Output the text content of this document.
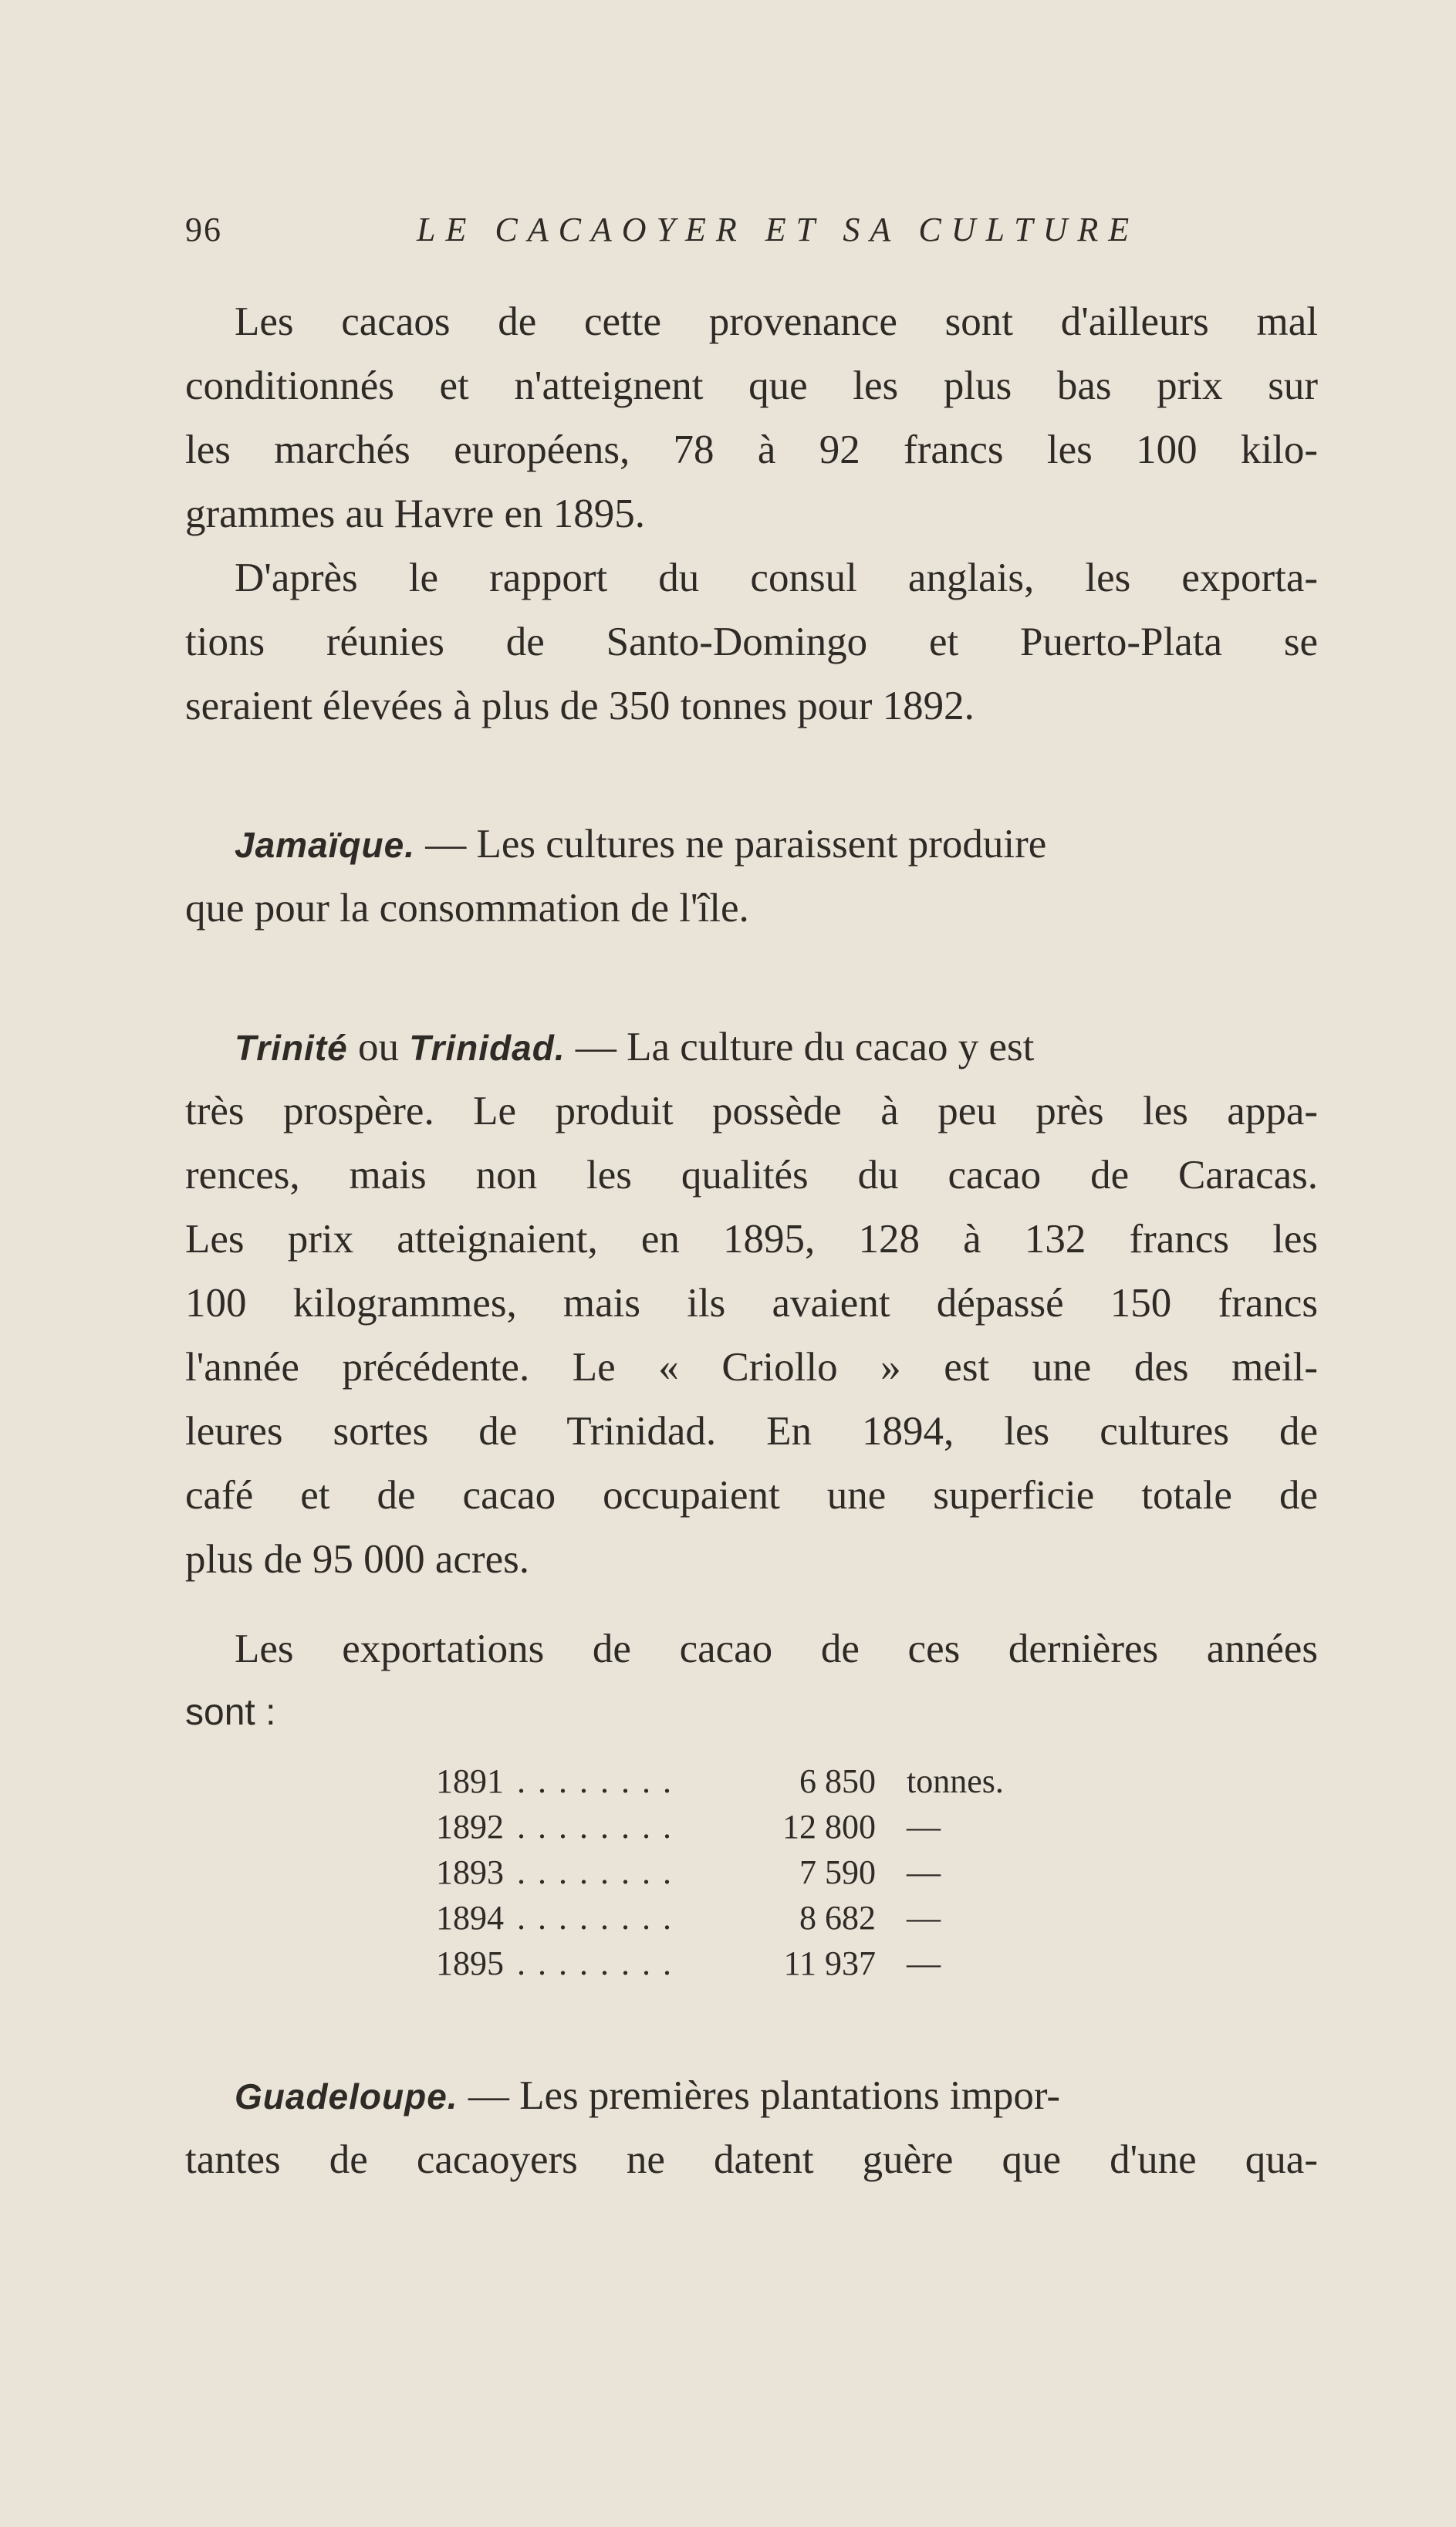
96	LE CACAOYER ET SA CULTURE
Les cacaos de cette provenance sont d'ailleurs mal
conditionnés et n'atteignent que les plus bas prix sur
les marchés européens, 78 à 92 francs les 100 kilo-
grammes au Havre en 1895.
D'après le rapport du consul anglais, les exporta-
tions réunies de Santo-Domingo et Puerto-Plata se
seraient élevées à plus de 350 tonnes pour 1892.
Jamaïque. — Les cultures ne paraissent produire
que pour la consommation de l'île.
Trinité ou Trinidad. — La culture du cacao y est
très prospère. Le produit possède à peu près les appa-
rences, mais non les qualités du cacao de Caracas.
Les prix atteignaient, en 1895, 128 à 132 francs les
100 kilogrammes, mais ils avaient dépassé 150 francs
l'année précédente. Le « Criollo » est une des meil-
leures sortes de Trinidad. En 1894, les cultures de
café et de cacao occupaient une superficie totale de
plus de 95 000 acres.
Les exportations de cacao de ces dernières années
sont :
1891 ........	6 850 tonnes.
1892 ........	12 800 —
1893 ........	7 590 —
1894 ........	8 682 —
1895 ........	11 937 —
Guadeloupe. — Les premières plantations impor-
tantes de cacaoyers ne datent guère que d'une qua-
